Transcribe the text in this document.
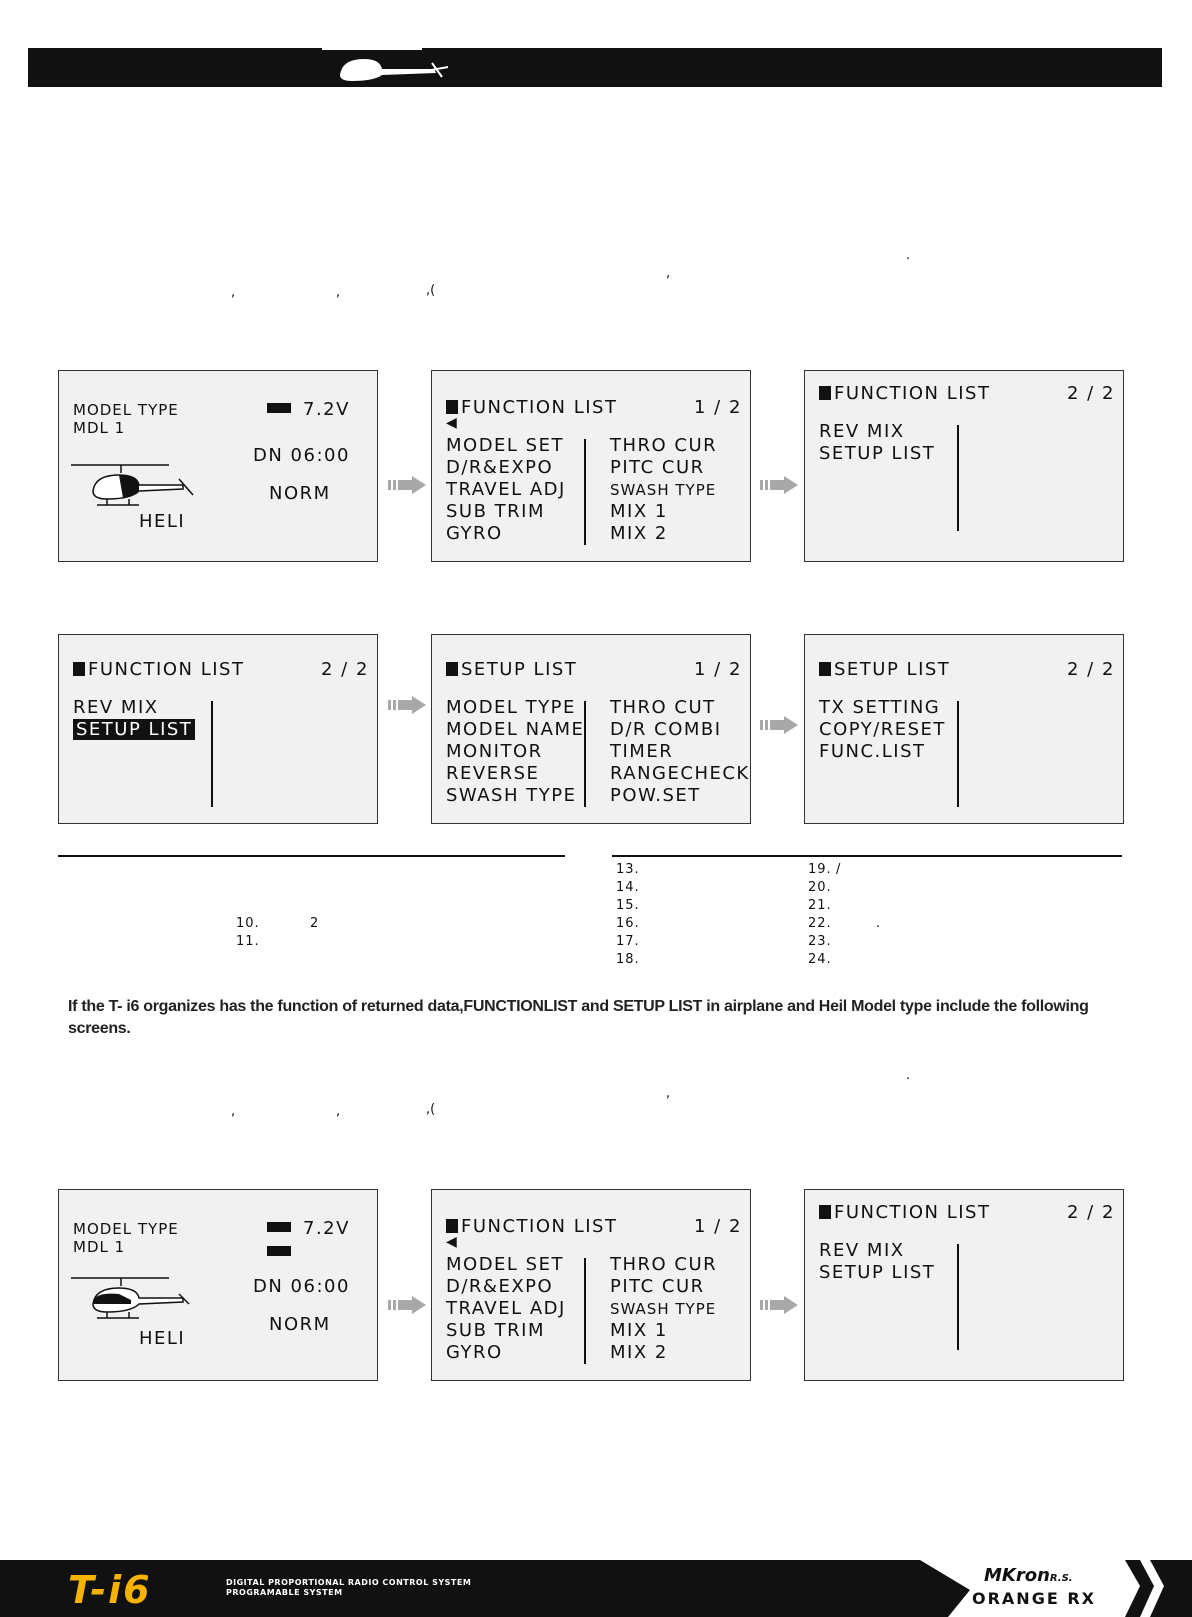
.
,
,	,	,(
MODEL TYPE
MDL 1
7.2V
DN 06:00
NORM
HELI
FUNCTION LIST	1 / 2
◀
MODEL SET
D/R&EXPO
TRAVEL ADJ
SUB TRIM
GYRO
THRO CUR
PITC CUR
SWASH TYPE
MIX 1
MIX 2
FUNCTION LIST	2 / 2
REV MIX
SETUP LIST
FUNCTION LIST	2 / 2
REV MIX
SETUP LIST
SETUP LIST	1 / 2
MODEL TYPE
MODEL NAME
MONITOR
REVERSE
SWASH TYPE
THRO CUT
D/R COMBI
TIMER
RANGECHECK
POW.SET
SETUP LIST	2 / 2
TX SETTING
COPY/RESET
FUNC.LIST
10.	2
11.
13.
14.
15.
16.
17.
18.
19. /
20.
21.
22.	.
23.
24.
If the T- i6 organizes has the function of returned data,FUNCTIONLIST and SETUP LIST in airplane and Heil Model type include the following screens.
.
,
,	,	,(
MODEL TYPE
MDL 1
7.2V
DN 06:00
NORM
HELI
FUNCTION LIST	1 / 2
◀
MODEL SET
D/R&EXPO
TRAVEL ADJ
SUB TRIM
GYRO
THRO CUR
PITC CUR
SWASH TYPE
MIX 1
MIX 2
FUNCTION LIST	2 / 2
REV MIX
SETUP LIST
T-i6	DIGITAL PROPORTIONAL RADIO CONTROL SYSTEM
PROGRAMABLE SYSTEM
MKronR.S.
ORANGE RX
